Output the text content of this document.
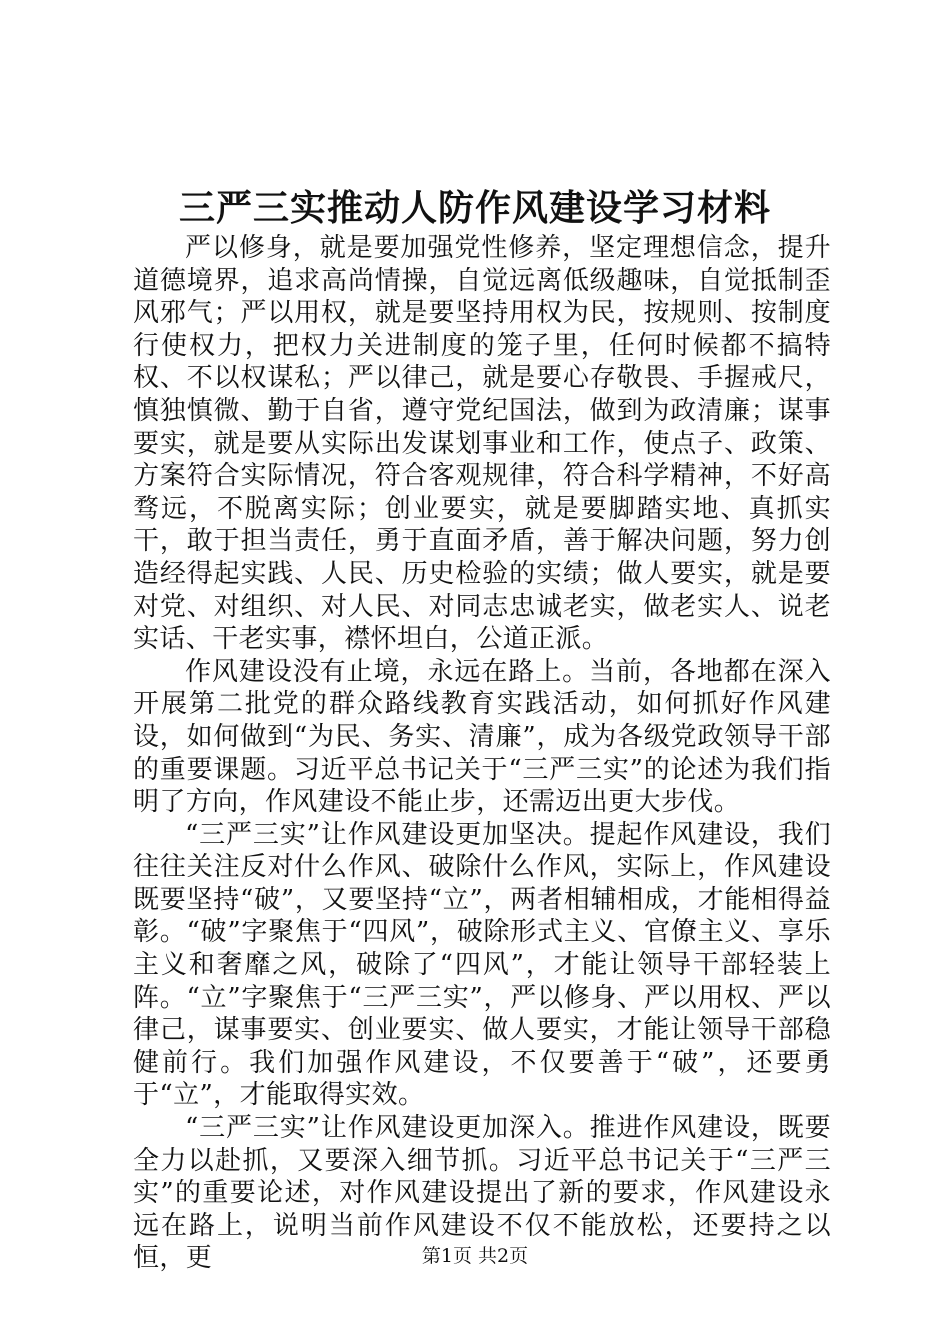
三严三实推动人防作风建设学习材料

严以修身，就是要加强党性修养，坚定理想信念，提升道德境界，追求高尚情操，自觉远离低级趣味，自觉抵制歪风邪气；严以用权，就是要坚持用权为民，按规则、按制度行使权力，把权力关进制度的笼子里，任何时候都不搞特权、不以权谋私；严以律己，就是要心存敬畏、手握戒尺，慎独慎微、勤于自省，遵守党纪国法，做到为政清廉；谋事要实，就是要从实际出发谋划事业和工作，使点子、政策、方案符合实际情况，符合客观规律，符合科学精神，不好高骛远，不脱离实际；创业要实，就是要脚踏实地、真抓实干，敢于担当责任，勇于直面矛盾，善于解决问题，努力创造经得起实践、人民、历史检验的实绩；做人要实，就是要对党、对组织、对人民、对同志忠诚老实，做老实人、说老实话、干老实事，襟怀坦白，公道正派。

作风建设没有止境，永远在路上。当前，各地都在深入开展第二批党的群众路线教育实践活动，如何抓好作风建设，如何做到“为民、务实、清廉”，成为各级党政领导干部的重要课题。习近平总书记关于“三严三实”的论述为我们指明了方向，作风建设不能止步，还需迈出更大步伐。

“三严三实”让作风建设更加坚决。提起作风建设，我们往往关注反对什么作风、破除什么作风，实际上，作风建设既要坚持“破”，又要坚持“立”，两者相辅相成，才能相得益彰。“破”字聚焦于“四风”，破除形式主义、官僚主义、享乐主义和奢靡之风，破除了“四风”，才能让领导干部轻装上阵。“立”字聚焦于“三严三实”，严以修身、严以用权、严以律己，谋事要实、创业要实、做人要实，才能让领导干部稳健前行。我们加强作风建设，不仅要善于“破”，还要勇于“立”，才能取得实效。

“三严三实”让作风建设更加深入。推进作风建设，既要全力以赴抓，又要深入细节抓。习近平总书记关于“三严三实”的重要论述，对作风建设提出了新的要求，作风建设永远在路上，说明当前作风建设不仅不能放松，还要持之以恒，更	第1页 共2页
